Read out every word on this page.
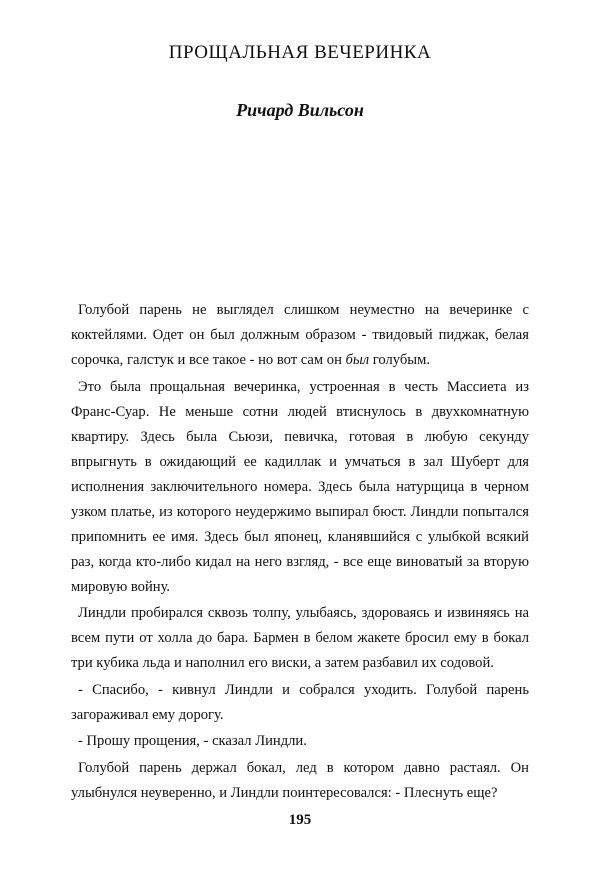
ПРОЩАЛЬНАЯ ВЕЧЕРИНКА
Ричард Вильсон

Голубой парень не выглядел слишком неуместно на вечеринке с коктейлями. Одет он был должным образом - твидовый пиджак, белая сорочка, галстук и все такое - но вот сам он был голубым.

Это была прощальная вечеринка, устроенная в честь Массиета из Франс-Суар. Не меньше сотни людей втиснулось в двухкомнатную квартиру. Здесь была Сьюзи, певичка, готовая в любую секунду впрыгнуть в ожидающий ее кадиллак и умчаться в зал Шуберт для исполнения заключительного номера. Здесь была натурщица в черном узком платье, из которого неудержимо выпирал бюст. Линдли попытался припомнить ее имя. Здесь был японец, кланявшийся с улыбкой всякий раз, когда кто-либо кидал на него взгляд, - все еще виноватый за вторую мировую войну.

Линдли пробирался сквозь толпу, улыбаясь, здороваясь и извиняясь на всем пути от холла до бара. Бармен в белом жакете бросил ему в бокал три кубика льда и наполнил его виски, а затем разбавил их содовой.

- Спасибо, - кивнул Линдли и собрался уходить. Голубой парень загораживал ему дорогу.

- Прошу прощения, - сказал Линдли.

Голубой парень держал бокал, лед в котором давно растаял. Он улыбнулся неуверенно, и Линдли поинтересовался: - Плеснуть еще?

195
